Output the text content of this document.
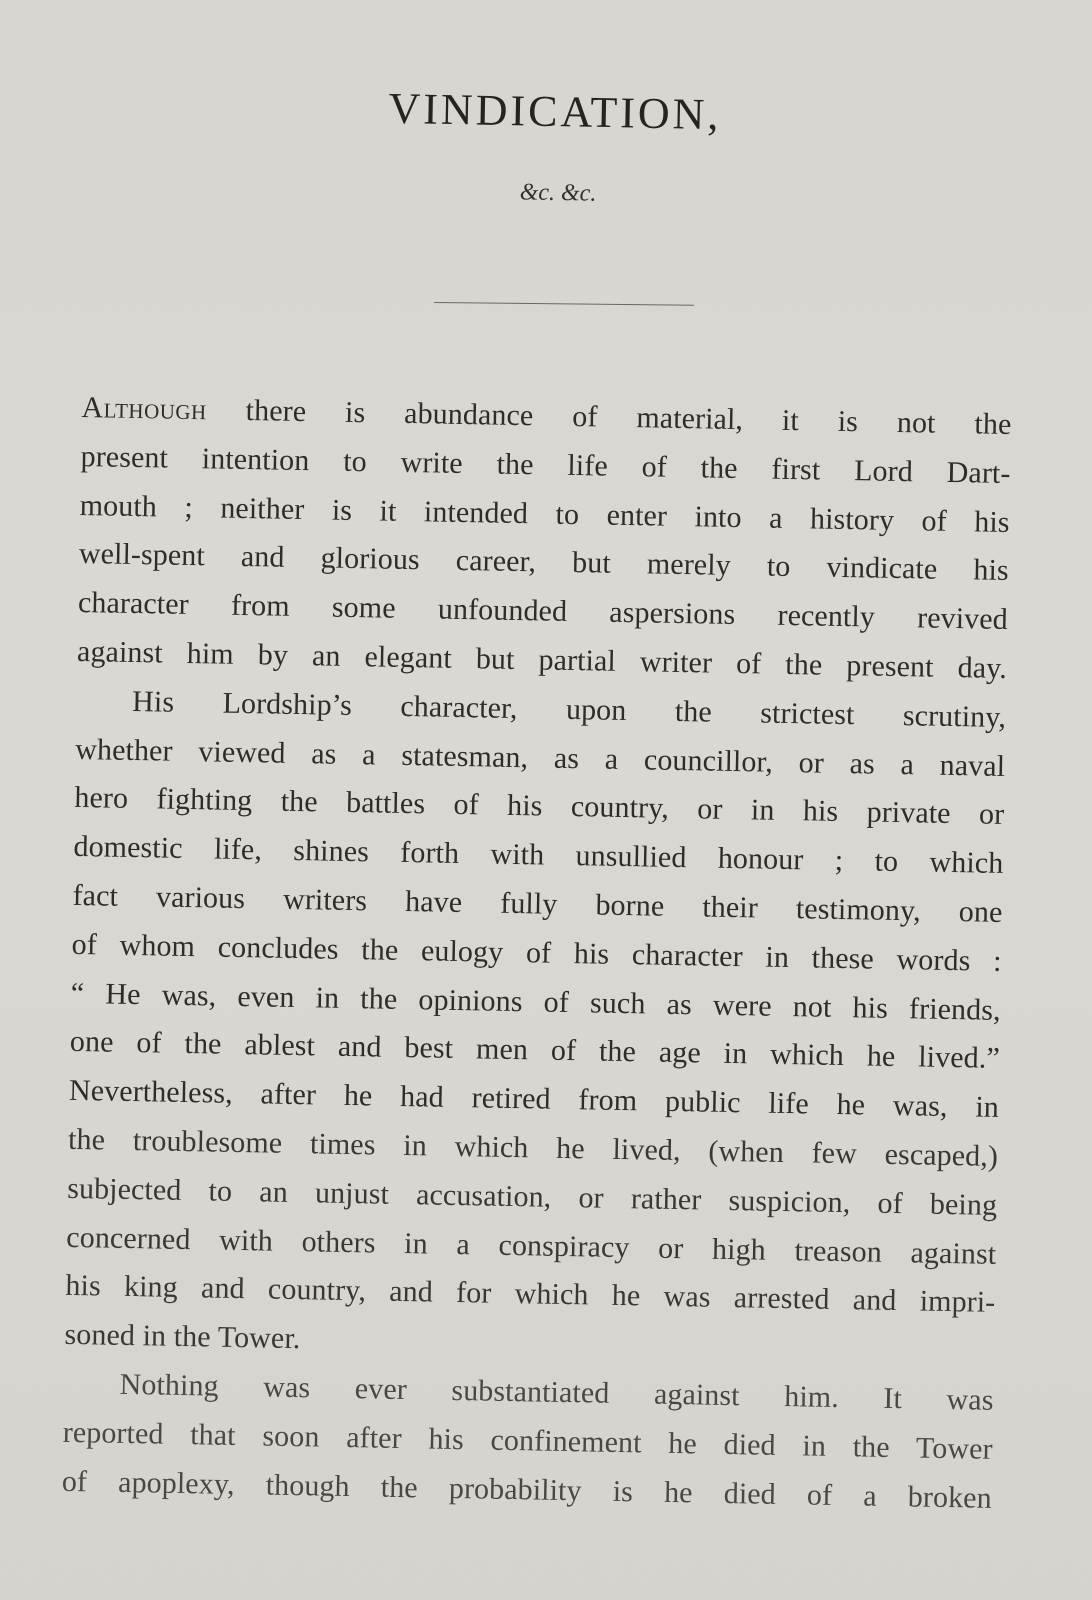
VINDICATION,
&c. &c.
Although there is abundance of material, it is not the
present intention to write the life of the first Lord Dart-
mouth ; neither is it intended to enter into a history of his
well-spent and glorious career, but merely to vindicate his
character from some unfounded aspersions recently revived
against him by an elegant but partial writer of the present day.
His Lordship’s character, upon the strictest scrutiny,
whether viewed as a statesman, as a councillor, or as a naval
hero fighting the battles of his country, or in his private or
domestic life, shines forth with unsullied honour ; to which
fact various writers have fully borne their testimony, one
of whom concludes the eulogy of his character in these words :
“ He was, even in the opinions of such as were not his friends,
one of the ablest and best men of the age in which he lived.”
Nevertheless, after he had retired from public life he was, in
the troublesome times in which he lived, (when few escaped,)
subjected to an unjust accusation, or rather suspicion, of being
concerned with others in a conspiracy or high treason against
his king and country, and for which he was arrested and impri-
soned in the Tower.
Nothing was ever substantiated against him. It was
reported that soon after his confinement he died in the Tower
of apoplexy, though the probability is he died of a broken
